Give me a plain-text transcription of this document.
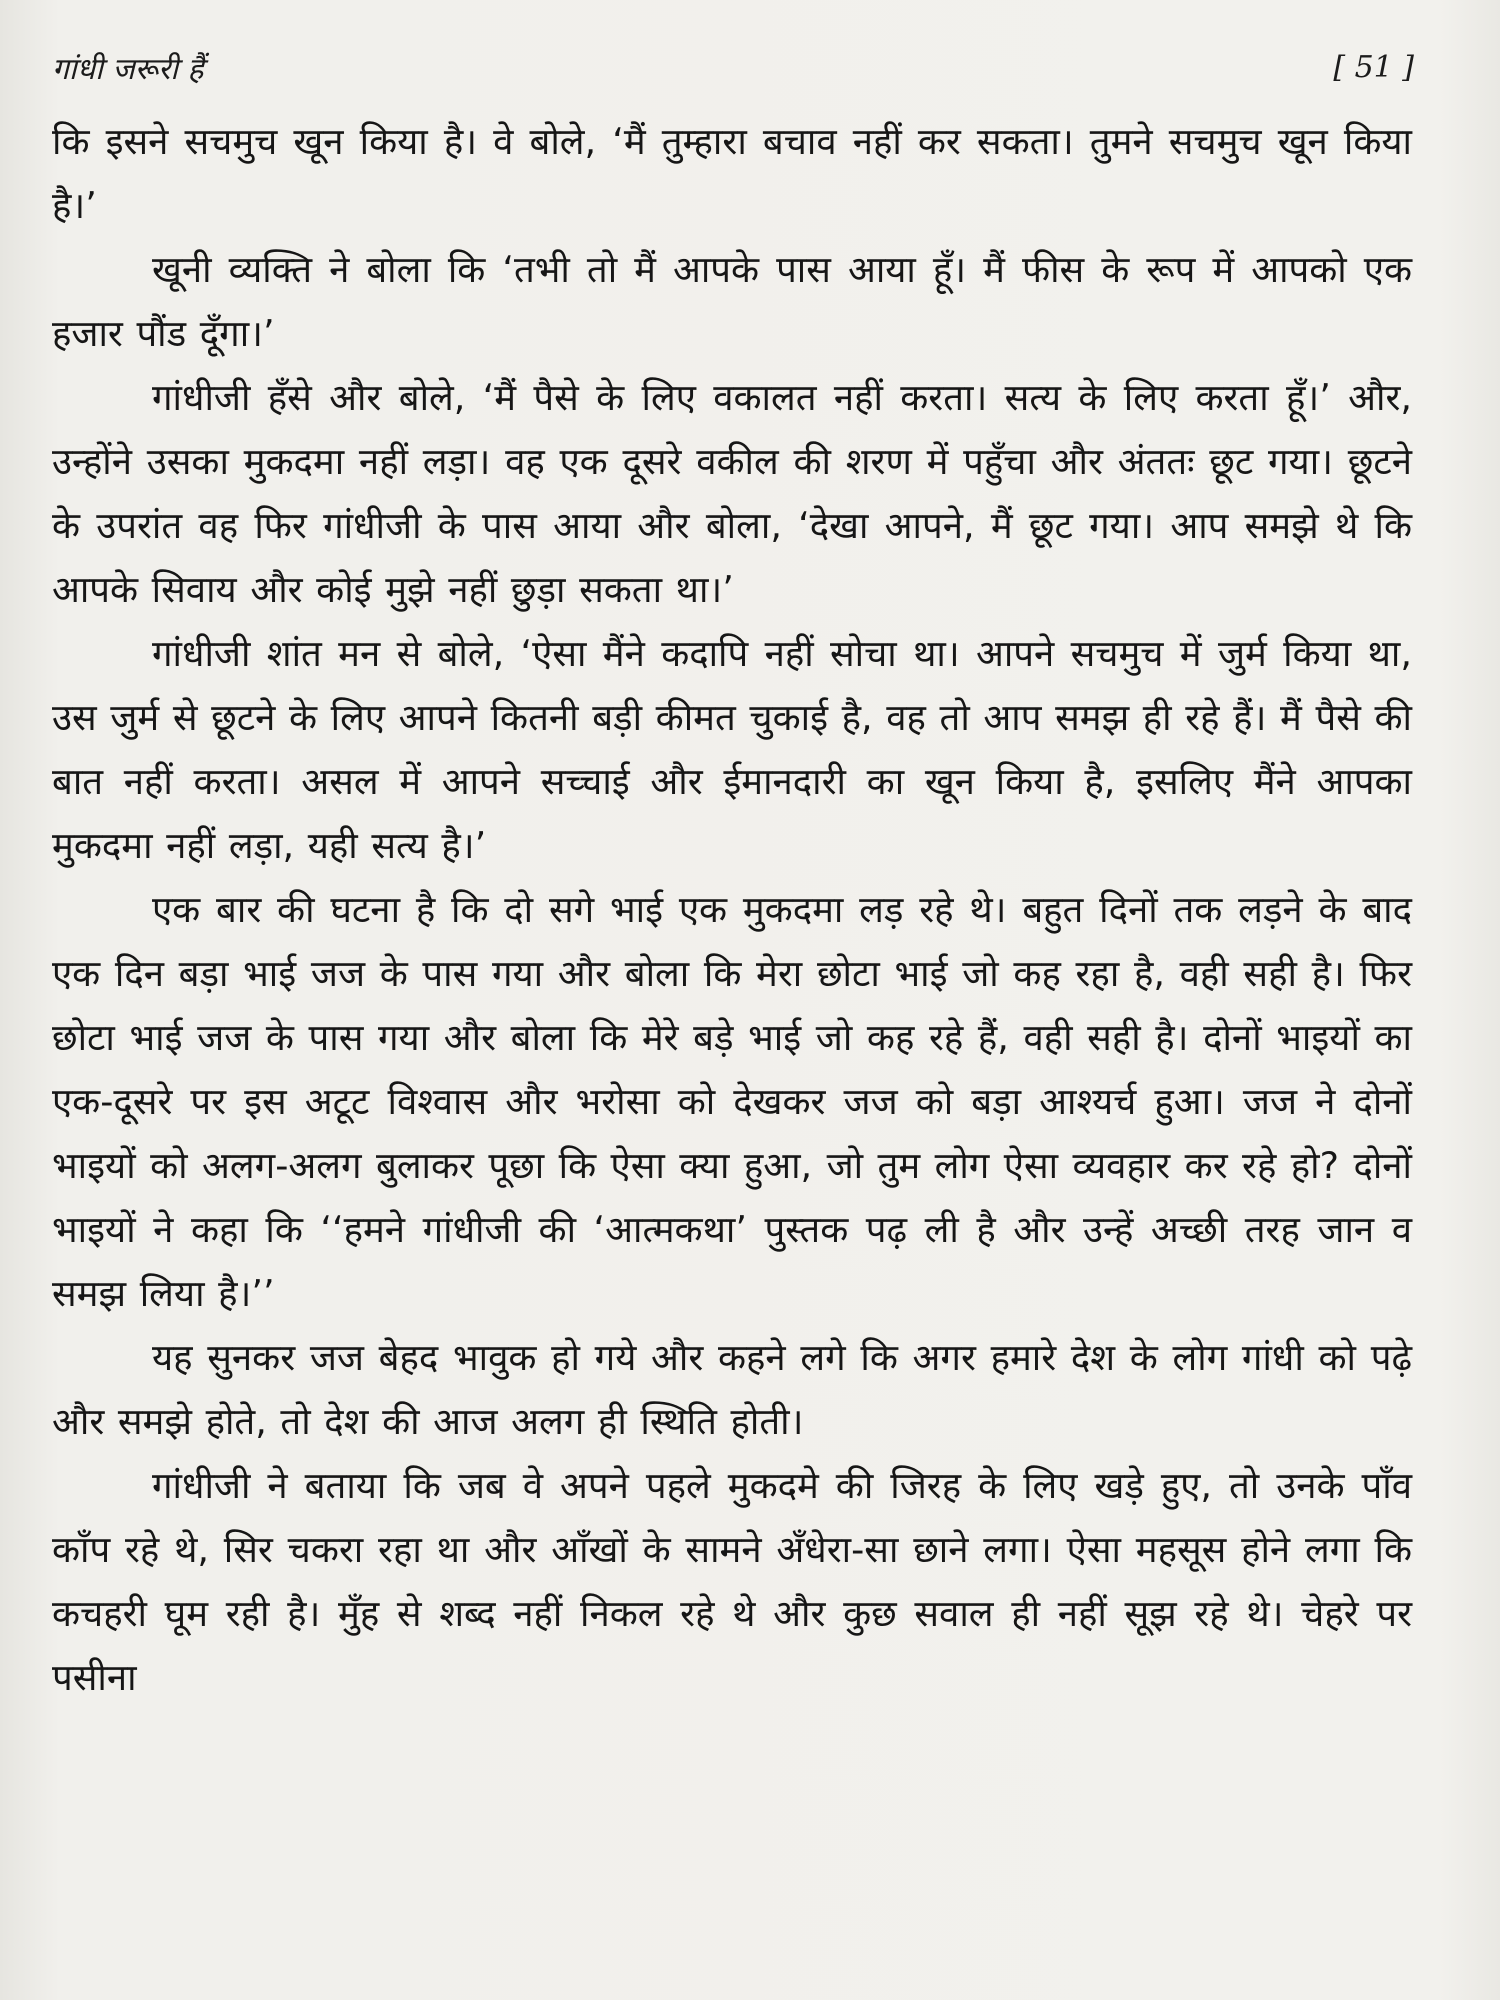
गांधी जरूरी हैं	[ 51 ]

कि इसने सचमुच खून किया है। वे बोले, ‘मैं तुम्हारा बचाव नहीं कर सकता। तुमने सचमुच खून किया है।’

खूनी व्यक्ति ने बोला कि ‘तभी तो मैं आपके पास आया हूँ। मैं फीस के रूप में आपको एक हजार पौंड दूँगा।’

गांधीजी हँसे और बोले, ‘मैं पैसे के लिए वकालत नहीं करता। सत्य के लिए करता हूँ।’ और, उन्होंने उसका मुकदमा नहीं लड़ा। वह एक दूसरे वकील की शरण में पहुँचा और अंततः छूट गया। छूटने के उपरांत वह फिर गांधीजी के पास आया और बोला, ‘देखा आपने, मैं छूट गया। आप समझे थे कि आपके सिवाय और कोई मुझे नहीं छुड़ा सकता था।’

गांधीजी शांत मन से बोले, ‘ऐसा मैंने कदापि नहीं सोचा था। आपने सचमुच में जुर्म किया था, उस जुर्म से छूटने के लिए आपने कितनी बड़ी कीमत चुकाई है, वह तो आप समझ ही रहे हैं। मैं पैसे की बात नहीं करता। असल में आपने सच्चाई और ईमानदारी का खून किया है, इसलिए मैंने आपका मुकदमा नहीं लड़ा, यही सत्य है।’

एक बार की घटना है कि दो सगे भाई एक मुकदमा लड़ रहे थे। बहुत दिनों तक लड़ने के बाद एक दिन बड़ा भाई जज के पास गया और बोला कि मेरा छोटा भाई जो कह रहा है, वही सही है। फिर छोटा भाई जज के पास गया और बोला कि मेरे बड़े भाई जो कह रहे हैं, वही सही है। दोनों भाइयों का एक-दूसरे पर इस अटूट विश्वास और भरोसा को देखकर जज को बड़ा आश्यर्च हुआ। जज ने दोनों भाइयों को अलग-अलग बुलाकर पूछा कि ऐसा क्या हुआ, जो तुम लोग ऐसा व्यवहार कर रहे हो? दोनों भाइयों ने कहा कि ‘‘हमने गांधीजी की ‘आत्मकथा’ पुस्तक पढ़ ली है और उन्हें अच्छी तरह जान व समझ लिया है।’’

यह सुनकर जज बेहद भावुक हो गये और कहने लगे कि अगर हमारे देश के लोग गांधी को पढ़े और समझे होते, तो देश की आज अलग ही स्थिति होती।

गांधीजी ने बताया कि जब वे अपने पहले मुकदमे की जिरह के लिए खड़े हुए, तो उनके पाँव काँप रहे थे, सिर चकरा रहा था और आँखों के सामने अँधेरा-सा छाने लगा। ऐसा महसूस होने लगा कि कचहरी घूम रही है। मुँह से शब्द नहीं निकल रहे थे और कुछ सवाल ही नहीं सूझ रहे थे। चेहरे पर पसीना
